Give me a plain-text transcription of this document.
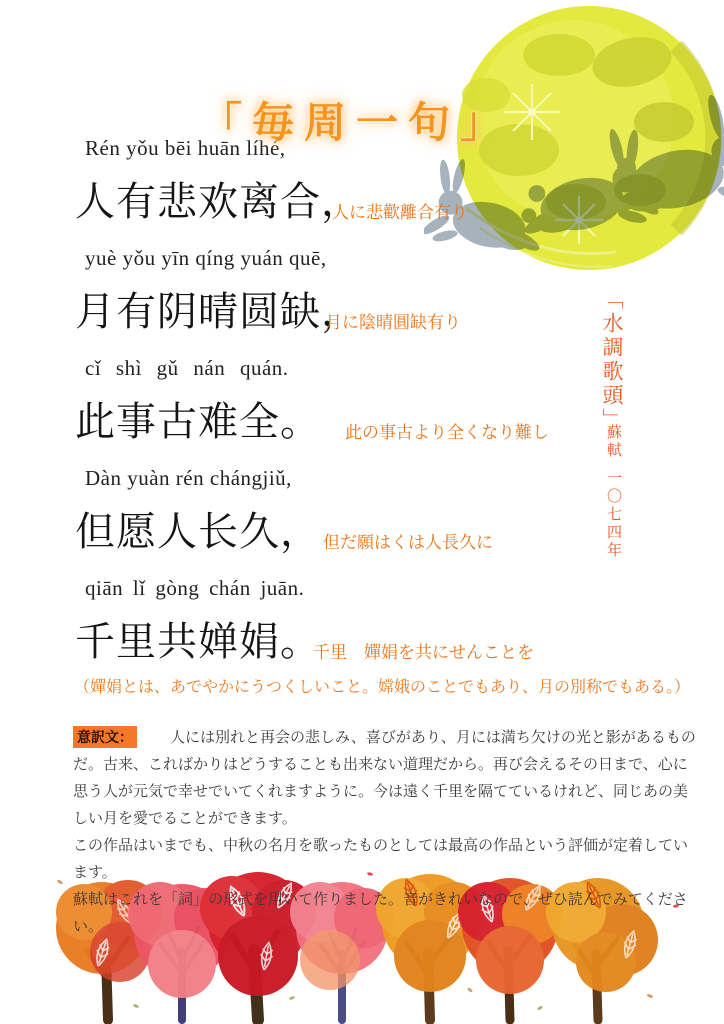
「毎周一句」
Rén yǒu bēi huān líhé,
人有悲欢离合，
人に悲歡離合有り
yuè yǒu yīn qíng yuán quē,
月有阴晴圆缺，
月に陰晴圓缺有り
cǐ shì gǔ nán quán.
此事古难全。	此の事古より全くなり難し
Dàn yuàn rén chángjiǔ,
但愿人长久， 但だ願はくは人長久に
qiān lǐ gòng chán juān.
千里共婵娟。
千里　嬋娟を共にせんことを
（嬋娟とは、あでやかにうつくしいこと。嫦娥のことでもあり、月の別称でもある。）
「水調歌頭」
蘇軾
一〇七四年

意訳文：　人には別れと再会の悲しみ、喜びがあり、月には満ち欠けの光と影があるものだ。古来、こればかりはどうすることも出来ない道理だから。再び会えるその日まで、心に思う人が元気で幸せでいてくれますように。今は遠く千里を隔てているけれど、同じあの美しい月を愛でることができます。

この作品はいまでも、中秋の名月を歌ったものとしては最高の作品という評価が定着しています。

蘇軾はこれを「詞」の形式を用いて作りました。音がきれいなので、ぜひ読んでみてください。
